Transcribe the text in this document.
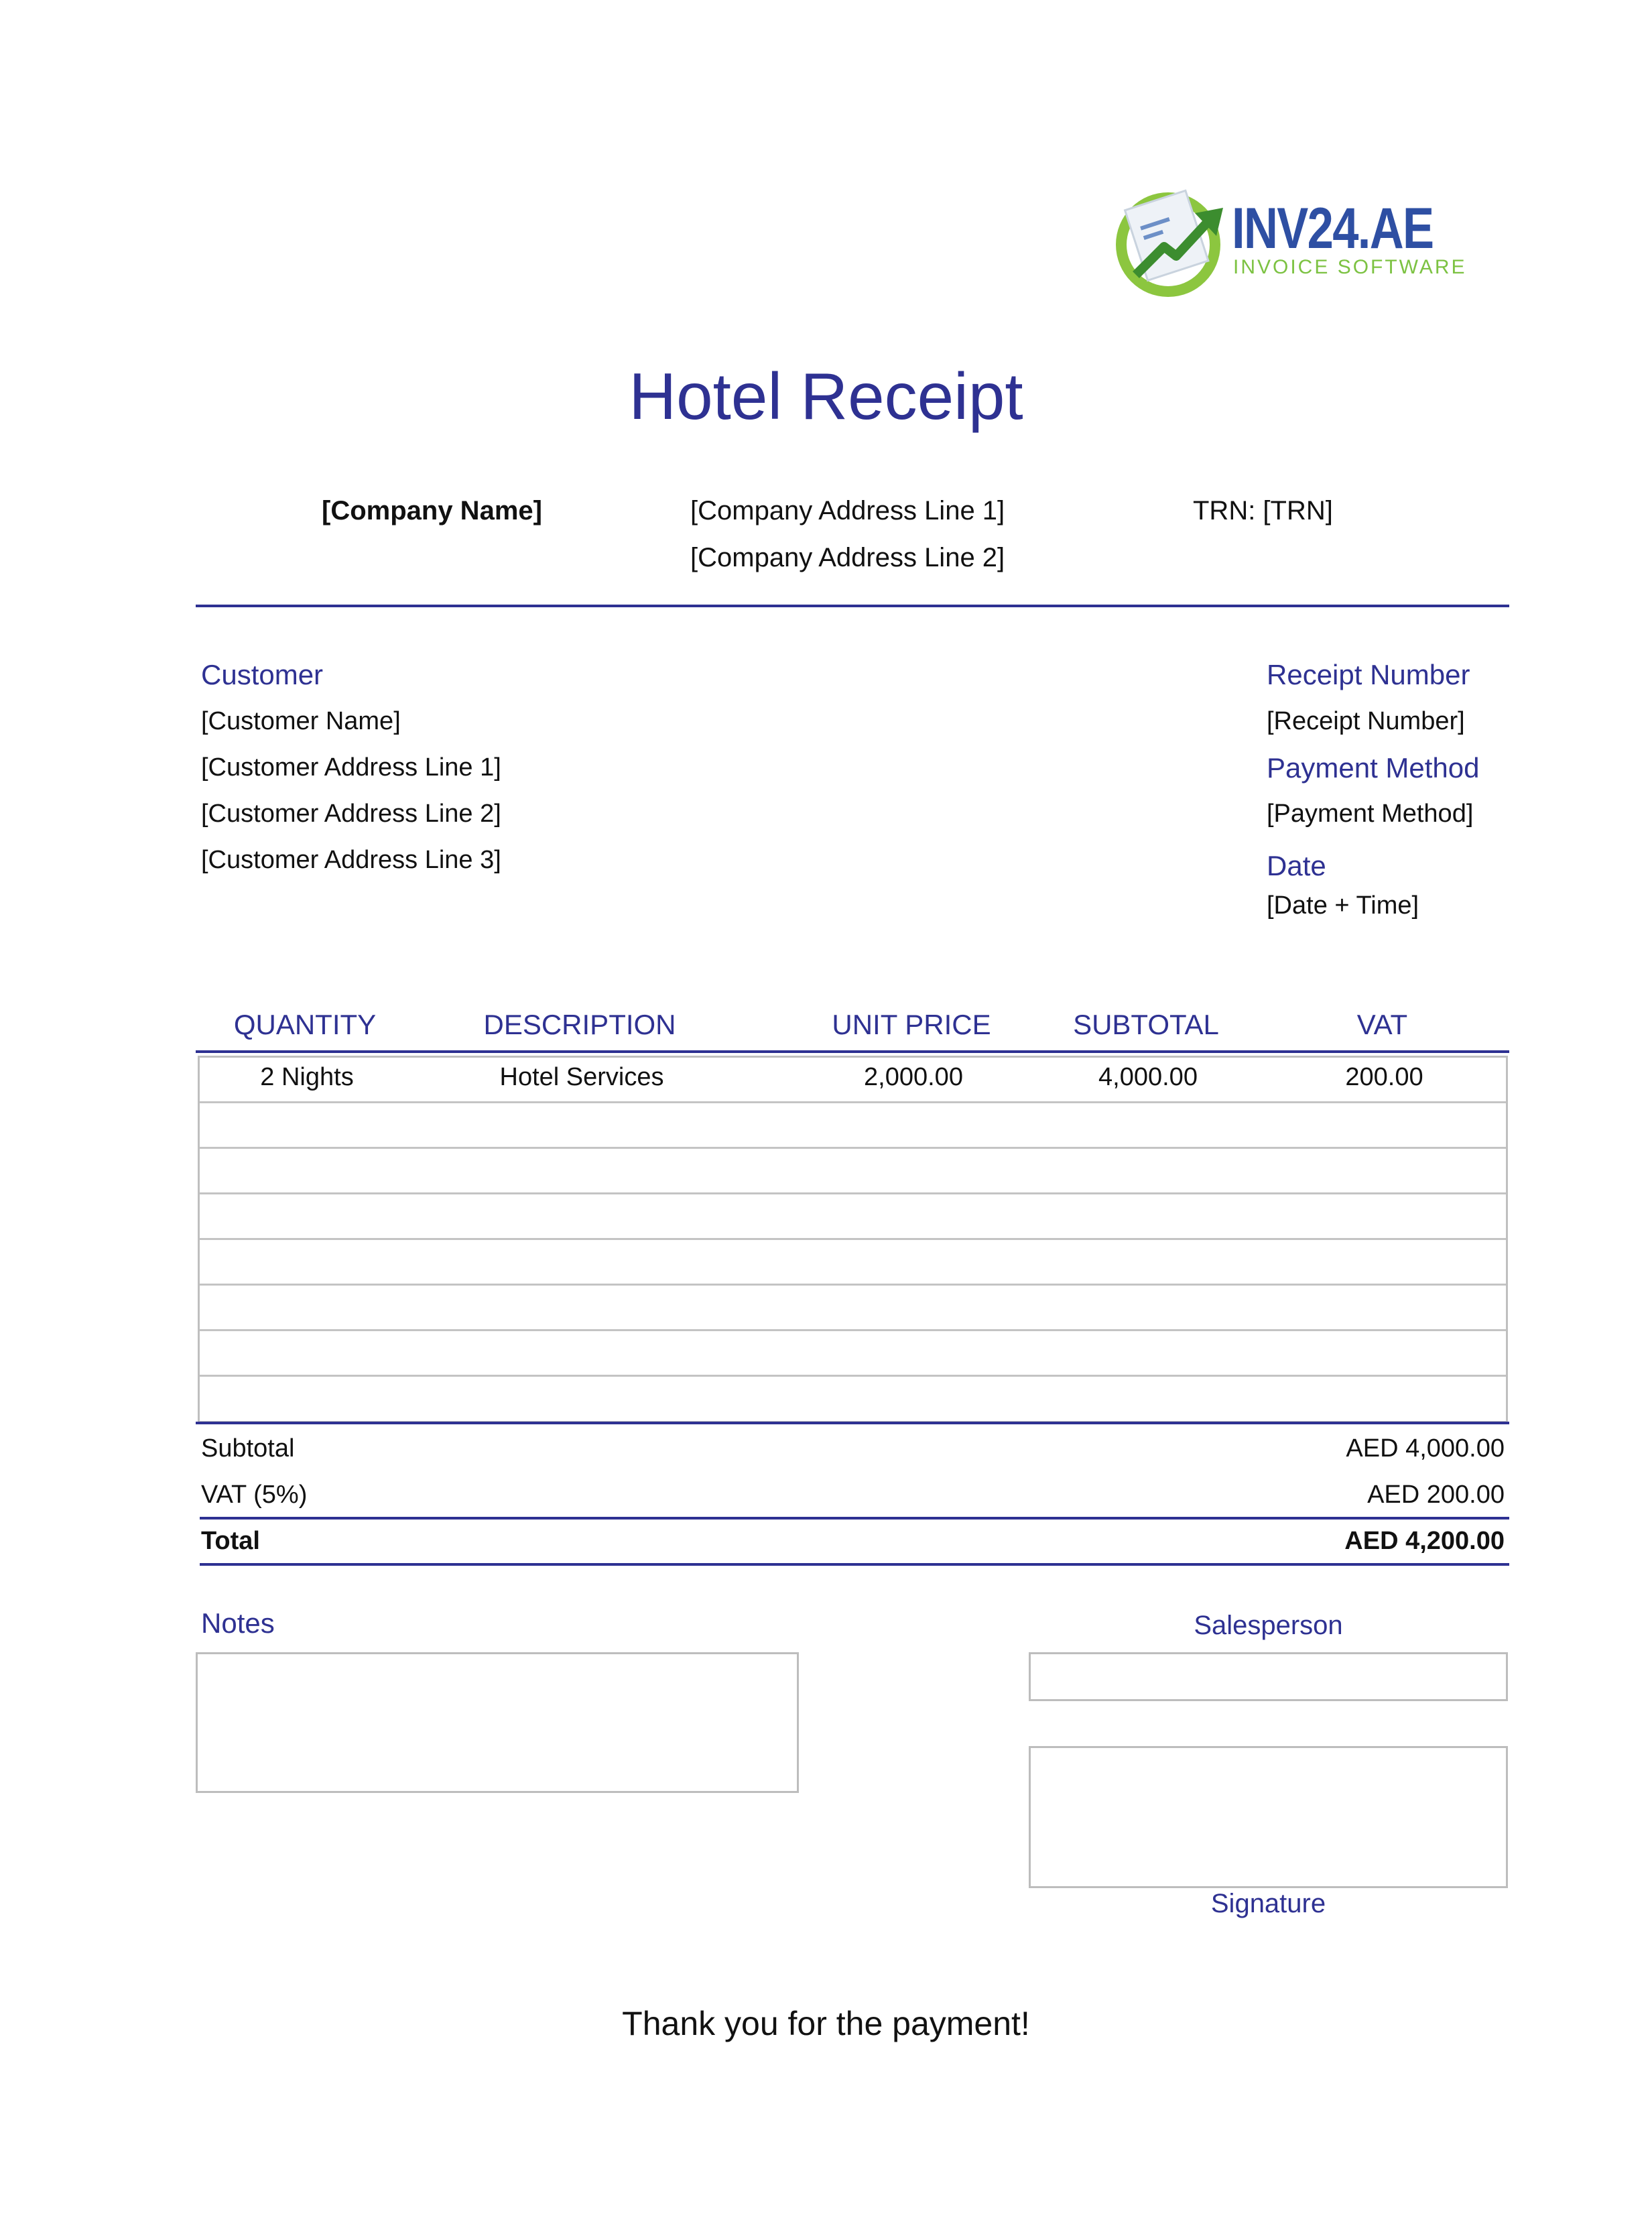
INV24.AE
INVOICE SOFTWARE
Hotel Receipt
[Company Name]	[Company Address Line 1]
[Company Address Line 2]
TRN: [TRN]
Customer
[Customer Name]
[Customer Address Line 1]
[Customer Address Line 2]
[Customer Address Line 3]
Receipt Number
[Receipt Number]
Payment Method
[Payment Method]
Date
[Date + Time]
QUANTITY	DESCRIPTION	UNIT PRICE	SUBTOTAL	VAT
2 Nights	Hotel Services	2,000.00	4,000.00	200.00
Subtotal	AED 4,000.00
VAT (5%)	AED 200.00
Total	AED 4,200.00
Notes	Salesperson
Signature
Thank you for the payment!
